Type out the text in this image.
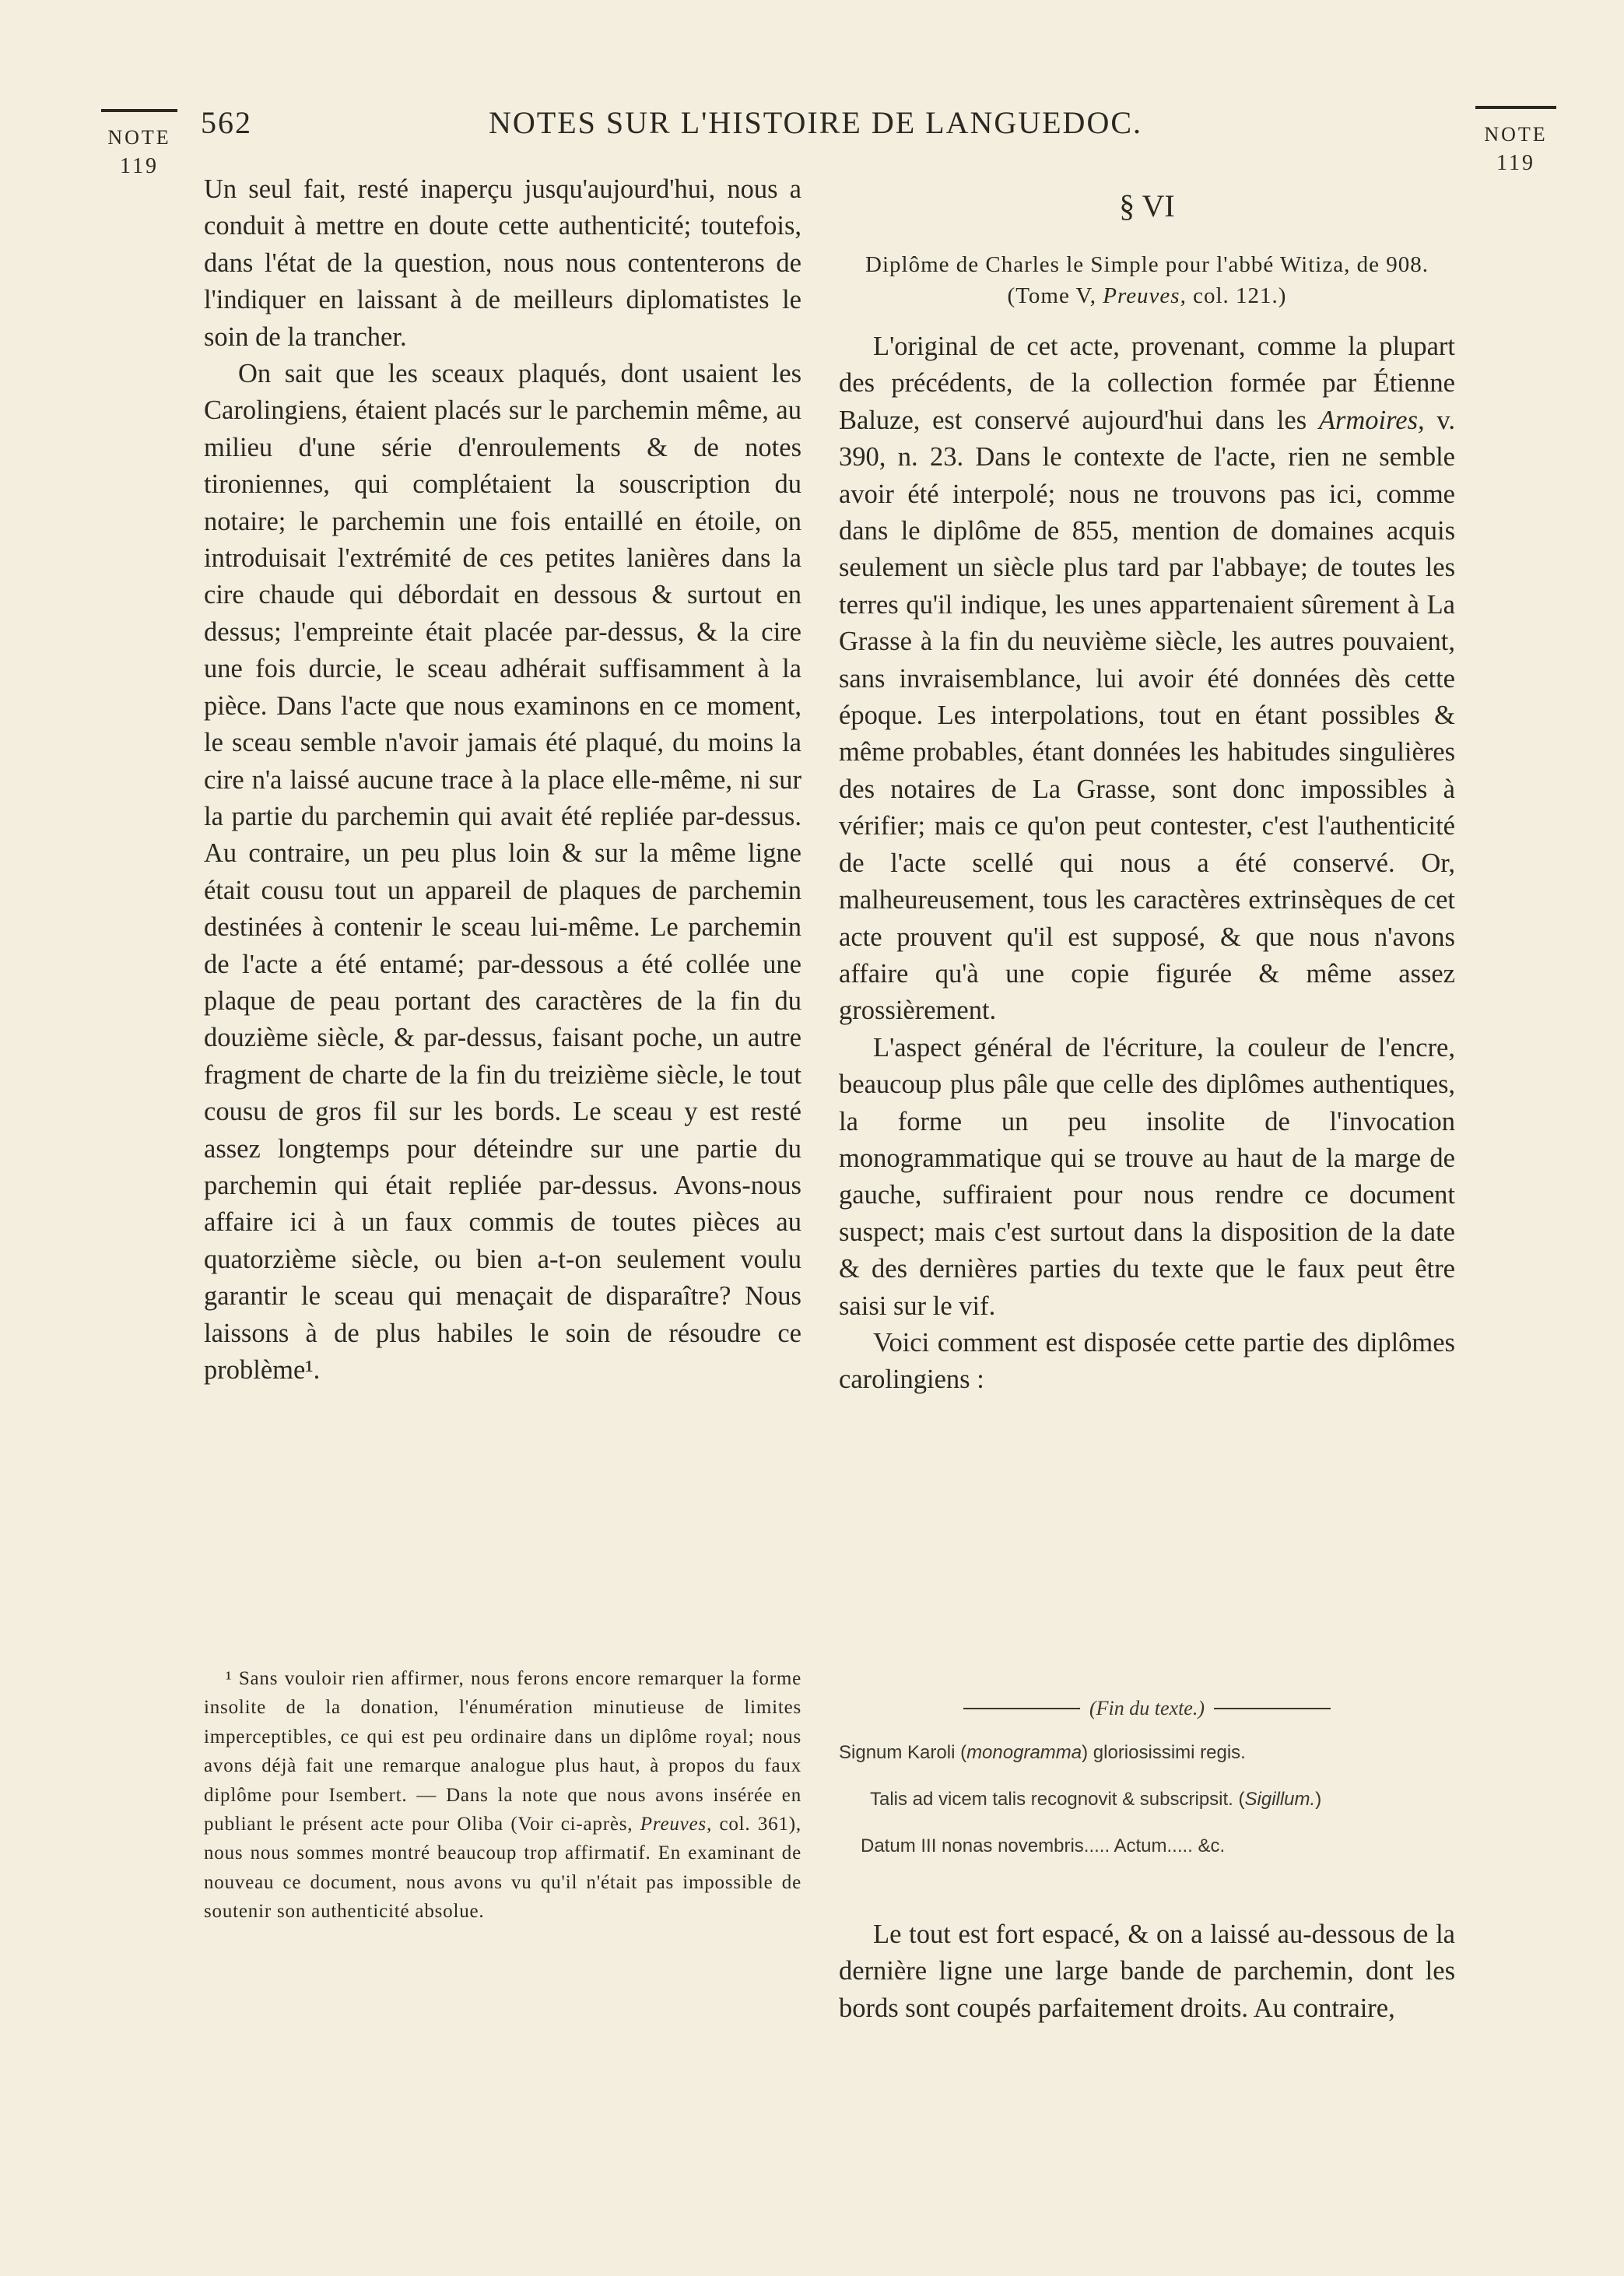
562	NOTES SUR L'HISTOIRE DE LANGUEDOC.
NOTE
119
NOTE
119

Un seul fait, resté inaperçu jusqu'aujourd'hui, nous a conduit à mettre en doute cette authenticité; toutefois, dans l'état de la question, nous nous contenterons de l'indiquer en laissant à de meilleurs diplomatistes le soin de la trancher.

On sait que les sceaux plaqués, dont usaient les Carolingiens, étaient placés sur le parchemin même, au milieu d'une série d'enroulements & de notes tironiennes, qui complétaient la souscription du notaire; le parchemin une fois entaillé en étoile, on introduisait l'extrémité de ces petites lanières dans la cire chaude qui débordait en dessous & surtout en dessus; l'empreinte était placée par-dessus, & la cire une fois durcie, le sceau adhérait suffisamment à la pièce. Dans l'acte que nous examinons en ce moment, le sceau semble n'avoir jamais été plaqué, du moins la cire n'a laissé aucune trace à la place elle-même, ni sur la partie du parchemin qui avait été repliée par-dessus. Au contraire, un peu plus loin & sur la même ligne était cousu tout un appareil de plaques de parchemin destinées à contenir le sceau lui-même. Le parchemin de l'acte a été entamé; par-dessous a été collée une plaque de peau portant des caractères de la fin du douzième siècle, & par-dessus, faisant poche, un autre fragment de charte de la fin du treizième siècle, le tout cousu de gros fil sur les bords. Le sceau y est resté assez longtemps pour déteindre sur une partie du parchemin qui était repliée par-dessus. Avons-nous affaire ici à un faux commis de toutes pièces au quatorzième siècle, ou bien a-t-on seulement voulu garantir le sceau qui menaçait de disparaître? Nous laissons à de plus habiles le soin de résoudre ce problème¹.

¹ Sans vouloir rien affirmer, nous ferons encore remarquer la forme insolite de la donation, l'énumération minutieuse de limites imperceptibles, ce qui est peu ordinaire dans un diplôme royal; nous avons déjà fait une remarque analogue plus haut, à propos du faux diplôme pour Isembert. — Dans la note que nous avons insérée en publiant le présent acte pour Oliba (Voir ci-après, Preuves, col. 361), nous nous sommes montré beaucoup trop affirmatif. En examinant de nouveau ce document, nous avons vu qu'il n'était pas impossible de soutenir son authenticité absolue.

§ VI
Diplôme de Charles le Simple pour l'abbé Witiza, de 908. (Tome V, Preuves, col. 121.)

L'original de cet acte, provenant, comme la plupart des précédents, de la collection formée par Étienne Baluze, est conservé aujourd'hui dans les Armoires, v. 390, n. 23. Dans le contexte de l'acte, rien ne semble avoir été interpolé; nous ne trouvons pas ici, comme dans le diplôme de 855, mention de domaines acquis seulement un siècle plus tard par l'abbaye; de toutes les terres qu'il indique, les unes appartenaient sûrement à La Grasse à la fin du neuvième siècle, les autres pouvaient, sans invraisemblance, lui avoir été données dès cette époque. Les interpolations, tout en étant possibles & même probables, étant données les habitudes singulières des notaires de La Grasse, sont donc impossibles à vérifier; mais ce qu'on peut contester, c'est l'authenticité de l'acte scellé qui nous a été conservé. Or, malheureusement, tous les caractères extrinsèques de cet acte prouvent qu'il est supposé, & que nous n'avons affaire qu'à une copie figurée & même assez grossièrement.

L'aspect général de l'écriture, la couleur de l'encre, beaucoup plus pâle que celle des diplômes authentiques, la forme un peu insolite de l'invocation monogrammatique qui se trouve au haut de la marge de gauche, suffiraient pour nous rendre ce document suspect; mais c'est surtout dans la disposition de la date & des dernières parties du texte que le faux peut être saisi sur le vif.

Voici comment est disposée cette partie des diplômes carolingiens :

(Fin du texte.)
Signum Karoli (monogramma) gloriosissimi regis.
Talis ad vicem talis recognovit & subscripsit. (Sigillum.)
Datum III nonas novembris..... Actum..... &c.

Le tout est fort espacé, & on a laissé au-dessous de la dernière ligne une large bande de parchemin, dont les bords sont coupés parfaitement droits. Au contraire,
